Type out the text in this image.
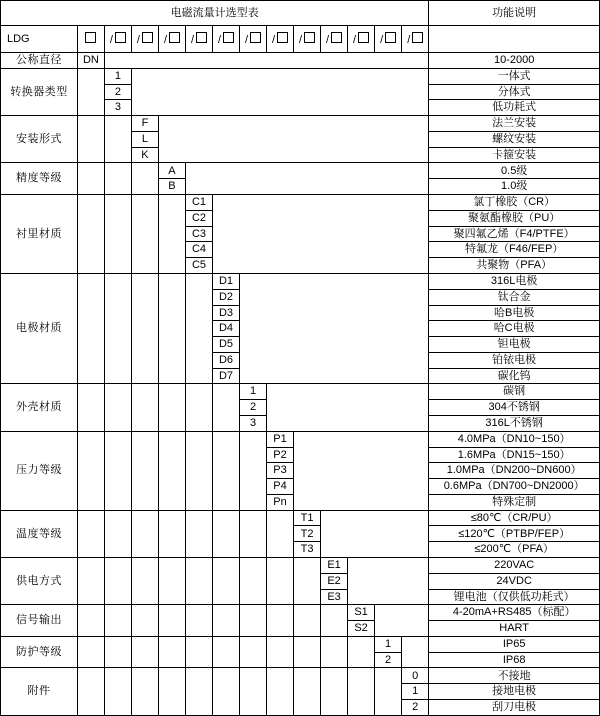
电磁流量计选型表														功能说明
LDG		/	/	/	/	/	/	/	/	/	/	/	/	
公称直径	DN													10-2000
转换器类型		1												一体式
		2												分体式
		3												低功耗式
安装形式			F											法兰安装
			L											螺纹安装
			K											卡箍安装
精度等级				A										0.5级
				B										1.0级
衬里材质					C1									氯丁橡胶（CR）
					C2									聚氨酯橡胶（PU）
					C3									聚四氟乙烯（F4/PTFE）
					C4									特氟龙（F46/FEP）
					C5									共聚物（PFA）
电极材质						D1								316L电极
						D2								钛合金
						D3								哈B电极
						D4								哈C电极
						D5								钽电极
						D6								铂铱电极
						D7								碳化钨
外壳材质							1							碳钢
							2							304不锈钢
							3							316L不锈钢
压力等级								P1						4.0MPa（DN10~150）
								P2						1.6MPa（DN15~150）
								P3						1.0MPa（DN200~DN600）
								P4						0.6MPa（DN700~DN2000）
								Pn						特殊定制
温度等级									T1					≤80℃（CR/PU）
									T2					≤120℃（PTBP/FEP）
									T3					≤200℃（PFA）
供电方式										E1				220VAC
										E2				24VDC
										E3				锂电池（仅供低功耗式）
信号输出											S1			4-20mA+RS485（标配）
											S2			HART
防护等级												1		IP65
												2		IP68
附件													0	不接地
													1	接地电极
													2	刮刀电极
